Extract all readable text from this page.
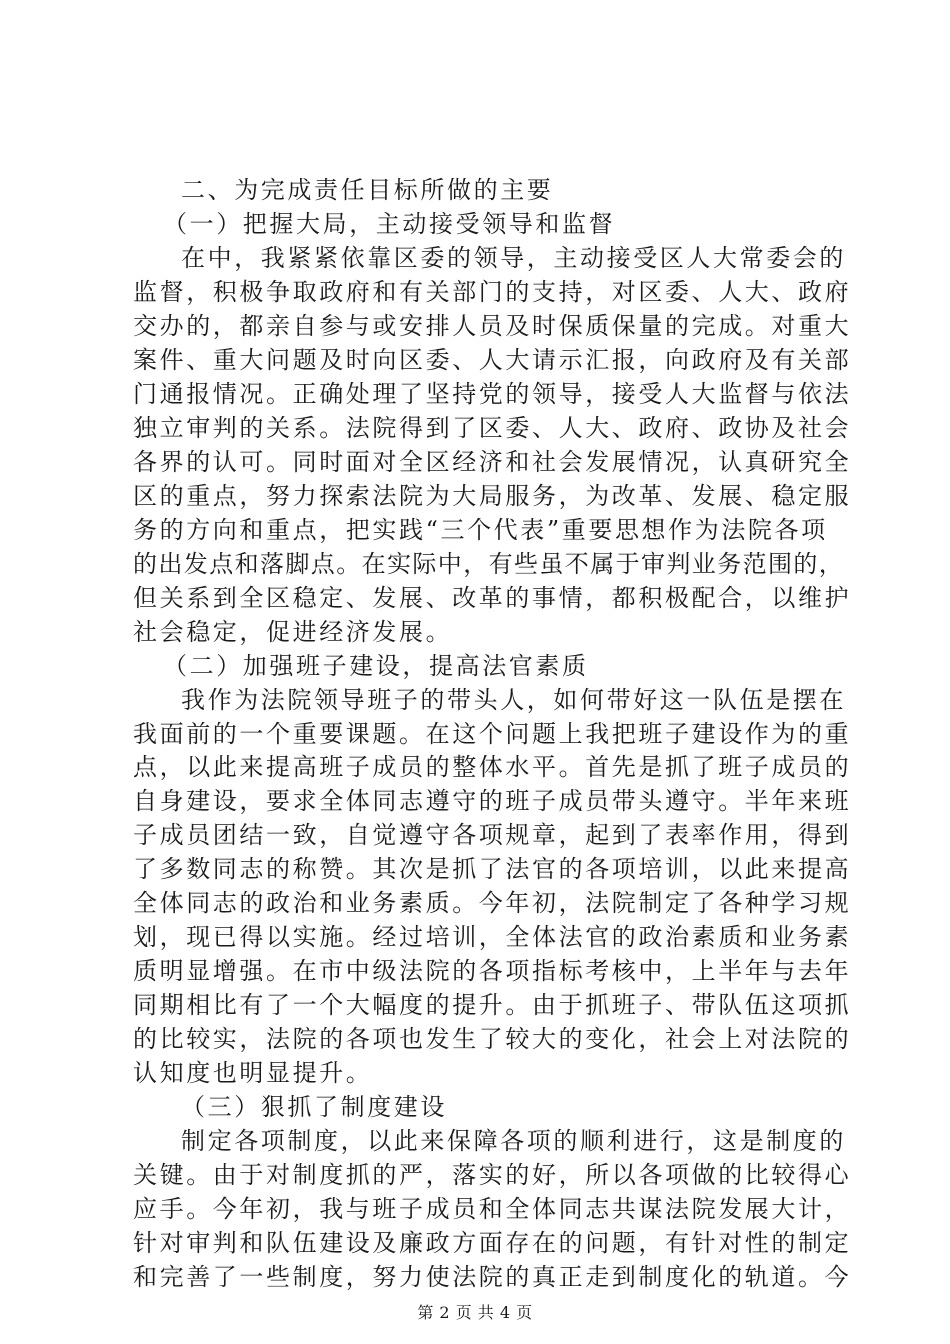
二、为完成责任目标所做的主要
（一）把握大局，主动接受领导和监督
在中，我紧紧依靠区委的领导，主动接受区人大常委会的
监督，积极争取政府和有关部门的支持，对区委、人大、政府
交办的，都亲自参与或安排人员及时保质保量的完成。对重大
案件、重大问题及时向区委、人大请示汇报，向政府及有关部
门通报情况。正确处理了坚持党的领导，接受人大监督与依法
独立审判的关系。法院得到了区委、人大、政府、政协及社会
各界的认可。同时面对全区经济和社会发展情况，认真研究全
区的重点，努力探索法院为大局服务，为改革、发展、稳定服
务的方向和重点，把实践“三个代表”重要思想作为法院各项
的出发点和落脚点。在实际中，有些虽不属于审判业务范围的，
但关系到全区稳定、发展、改革的事情，都积极配合，以维护
社会稳定，促进经济发展。
（二）加强班子建设，提高法官素质
我作为法院领导班子的带头人，如何带好这一队伍是摆在
我面前的一个重要课题。在这个问题上我把班子建设作为的重
点，以此来提高班子成员的整体水平。首先是抓了班子成员的
自身建设，要求全体同志遵守的班子成员带头遵守。半年来班
子成员团结一致，自觉遵守各项规章，起到了表率作用，得到
了多数同志的称赞。其次是抓了法官的各项培训，以此来提高
全体同志的政治和业务素质。今年初，法院制定了各种学习规
划，现已得以实施。经过培训，全体法官的政治素质和业务素
质明显增强。在市中级法院的各项指标考核中，上半年与去年
同期相比有了一个大幅度的提升。由于抓班子、带队伍这项抓
的比较实，法院的各项也发生了较大的变化，社会上对法院的
认知度也明显提升。
（三）狠抓了制度建设
制定各项制度，以此来保障各项的顺利进行，这是制度的
关键。由于对制度抓的严，落实的好，所以各项做的比较得心
应手。今年初，我与班子成员和全体同志共谋法院发展大计，
针对审判和队伍建设及廉政方面存在的问题，有针对性的制定
和完善了一些制度，努力使法院的真正走到制度化的轨道。今
第 2 页 共 4 页
